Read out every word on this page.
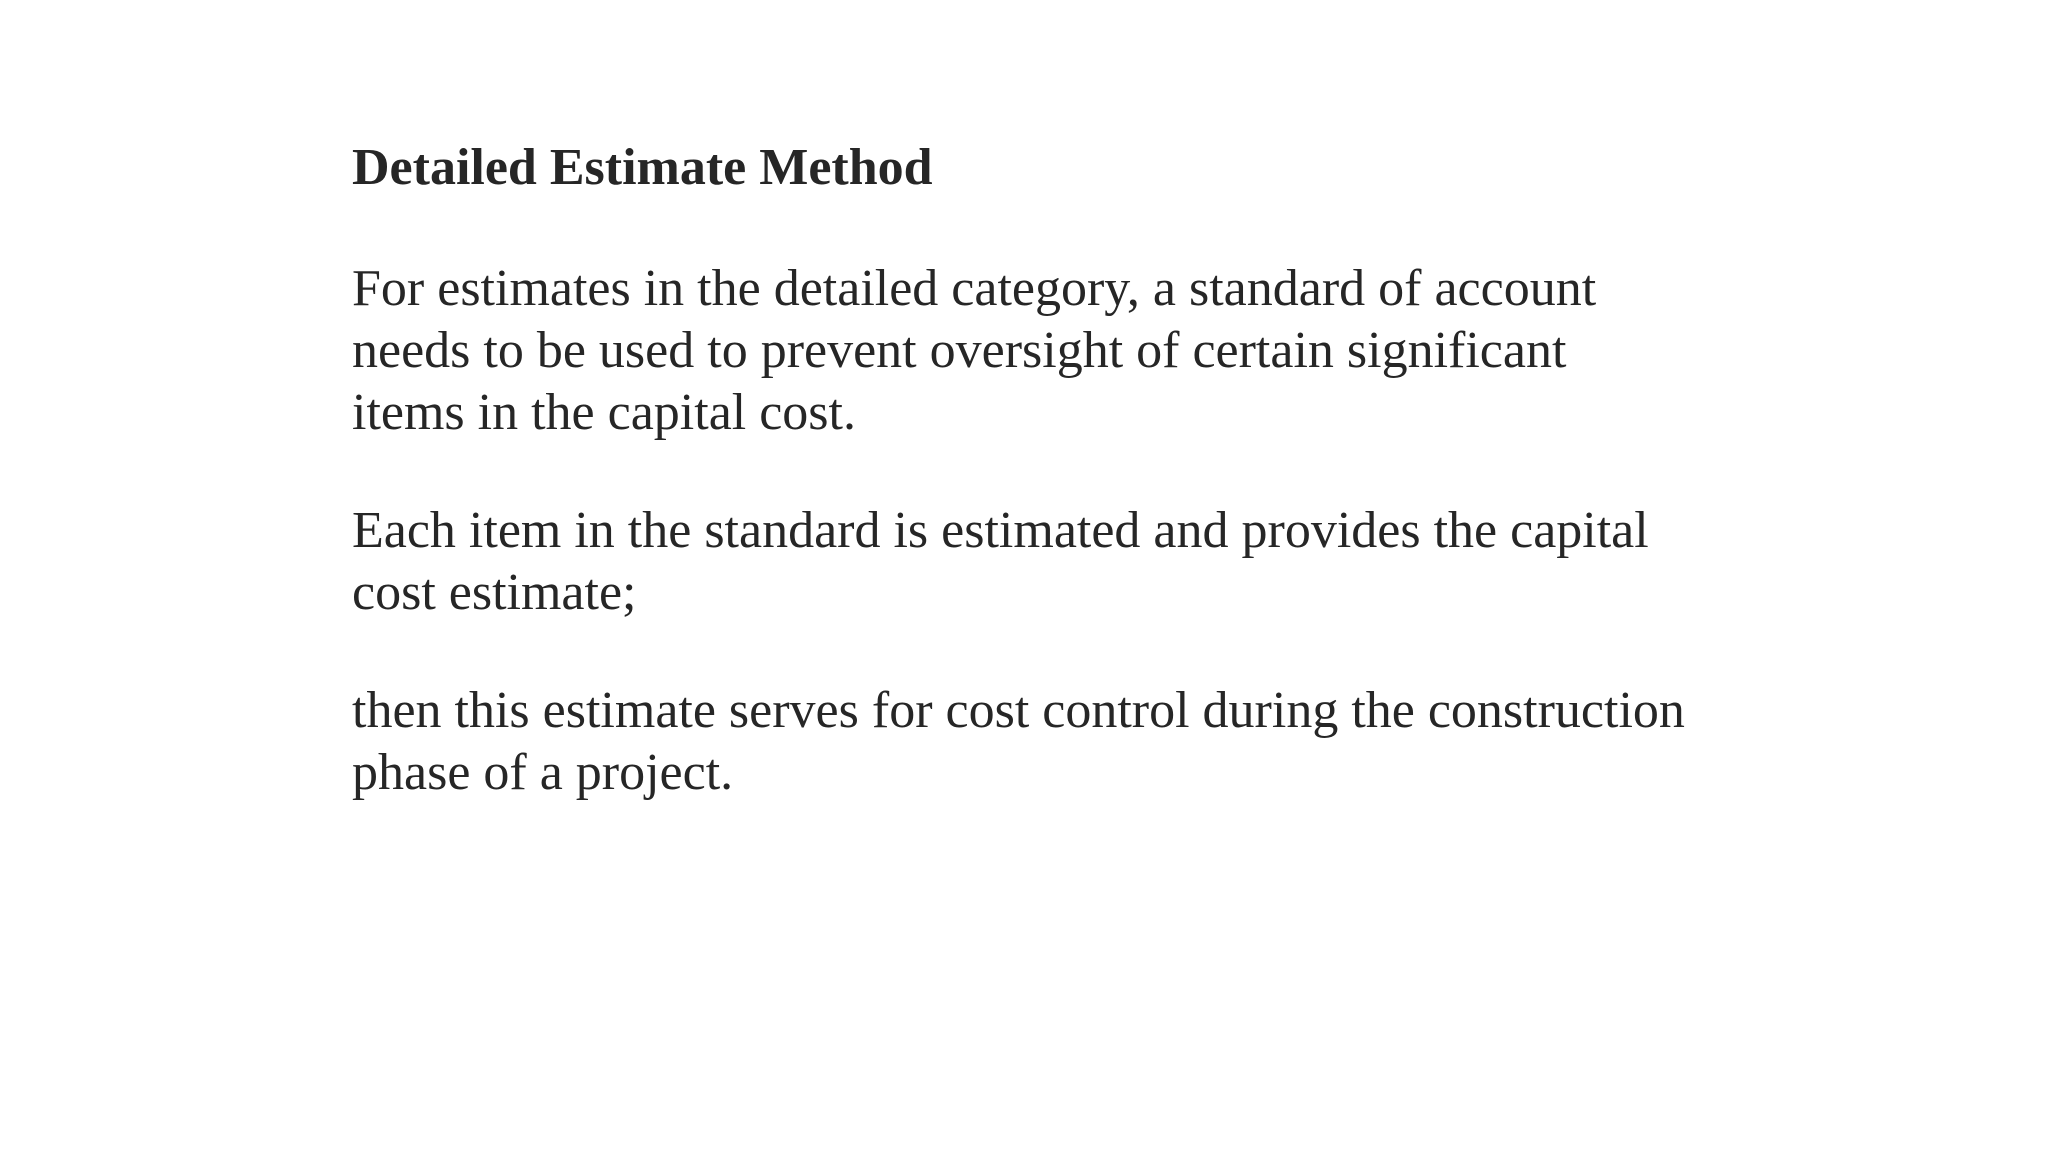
Detailed Estimate Method

For estimates in the detailed category, a standard of account
needs to be used to prevent oversight of certain significant
items in the capital cost.

Each item in the standard is estimated and provides the capital
cost estimate;

then this estimate serves for cost control during the construction
phase of a project.
